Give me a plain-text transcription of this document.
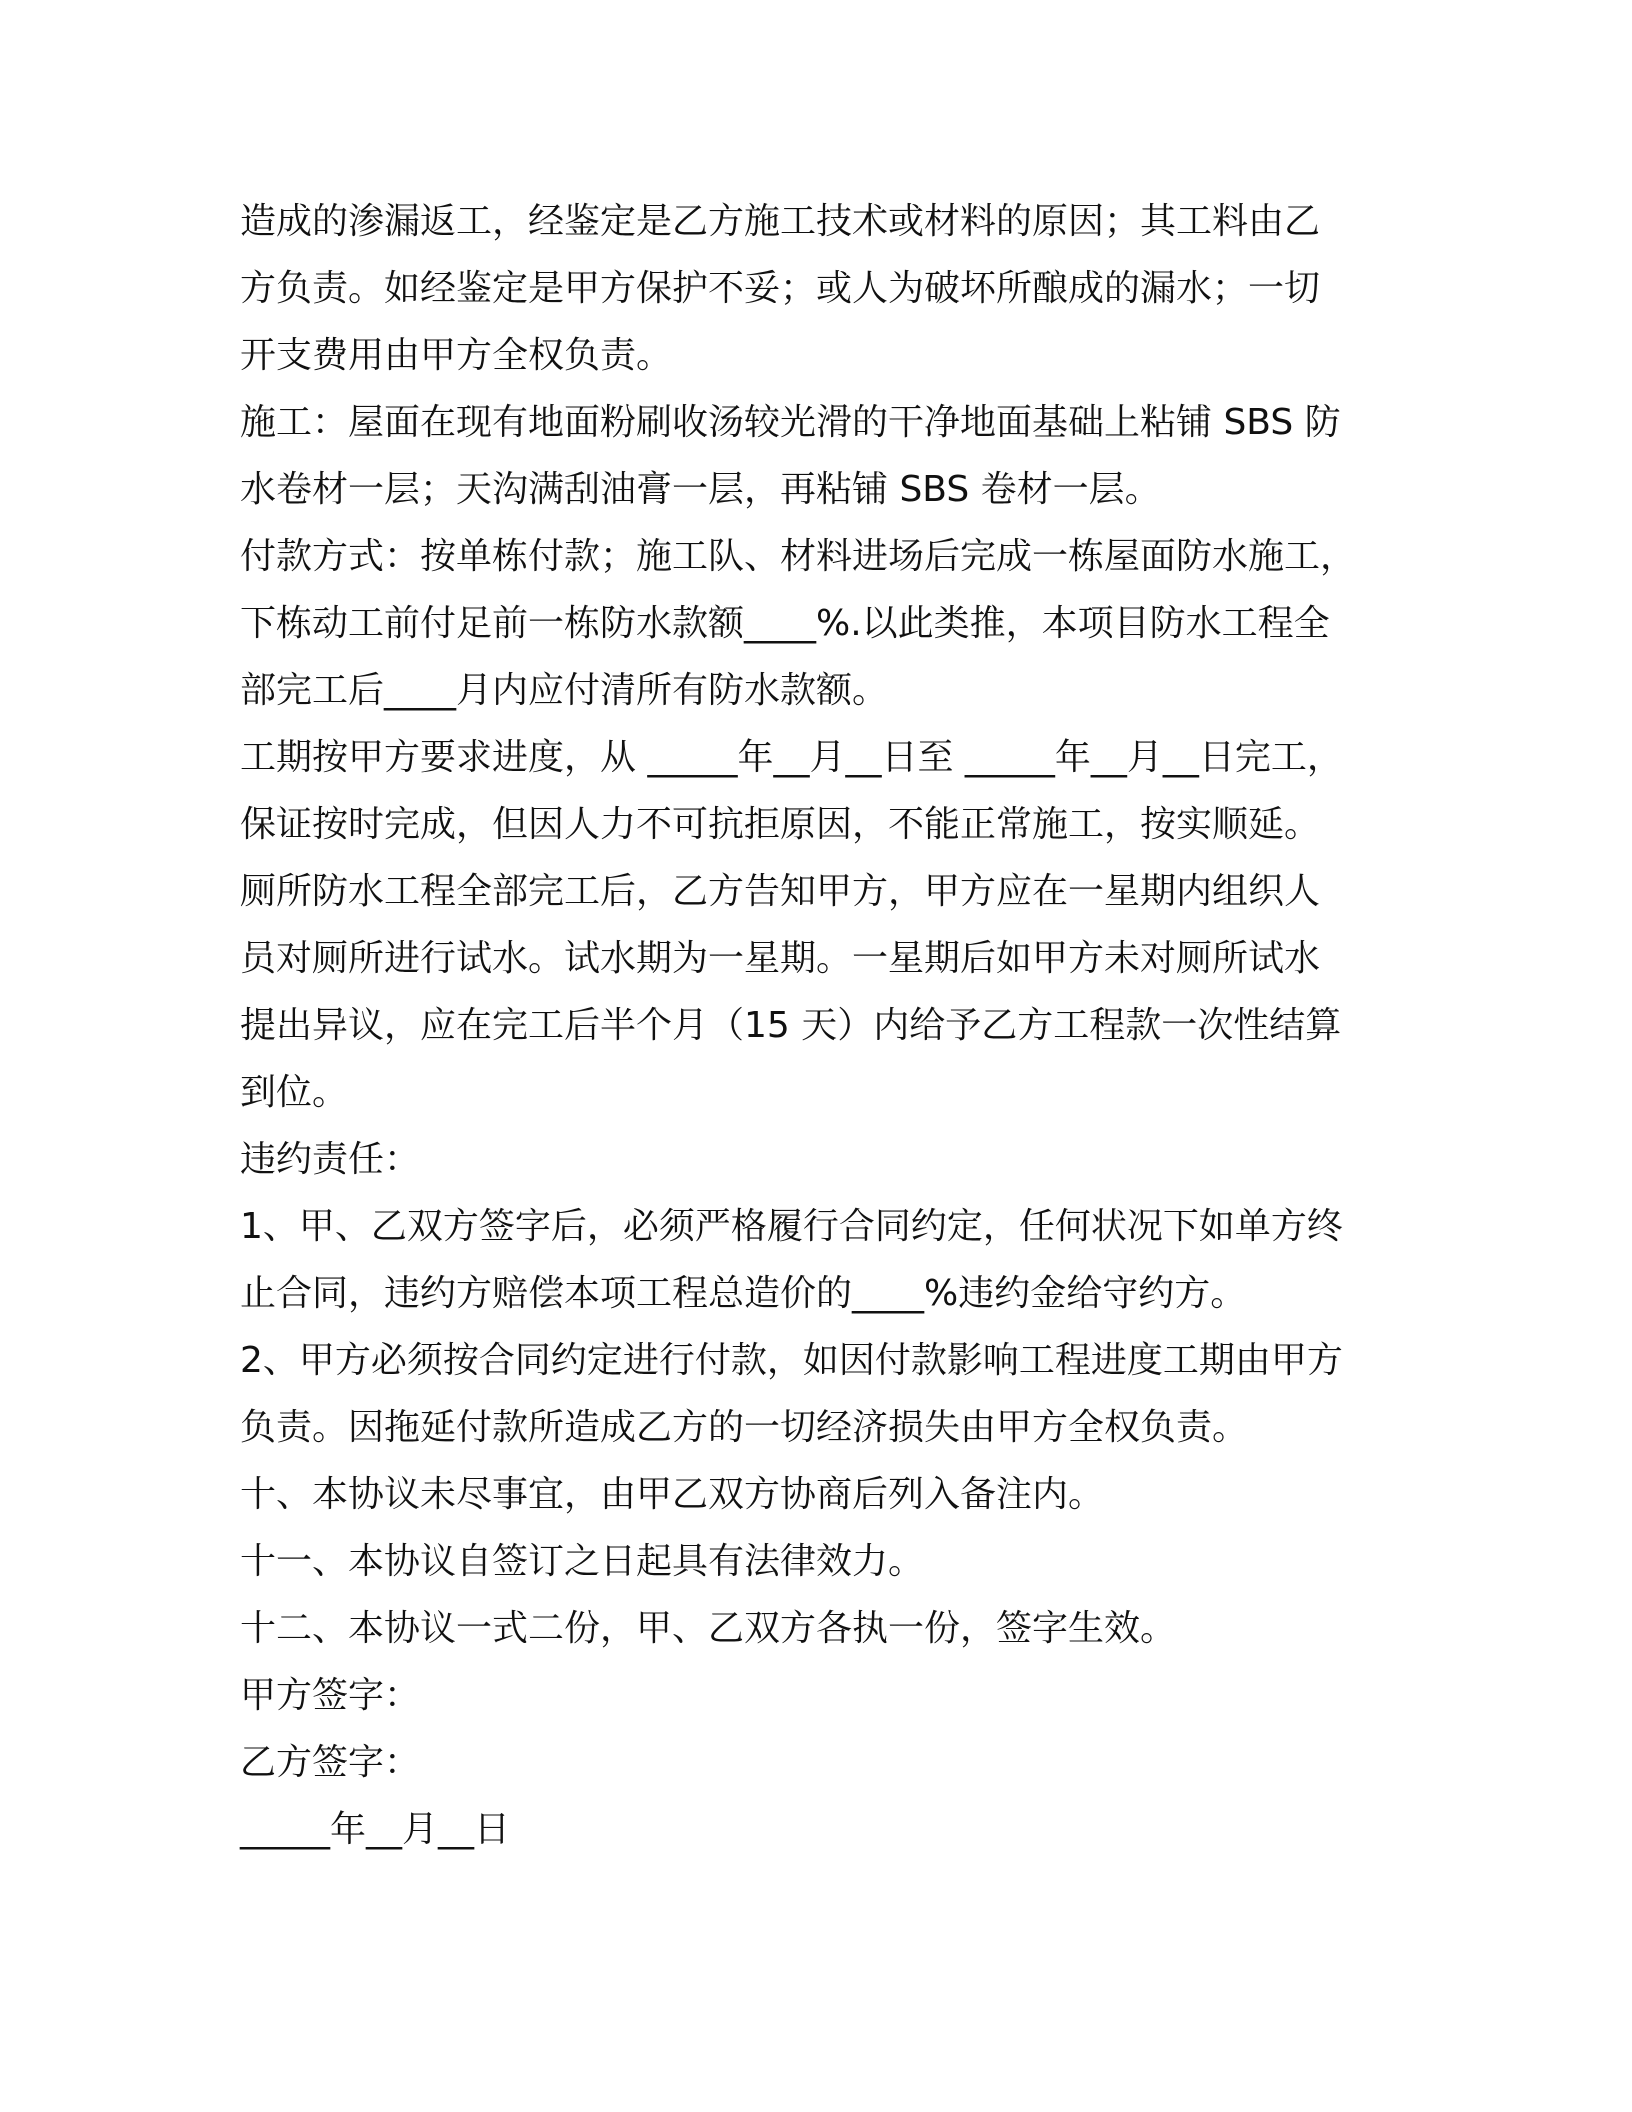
造成的渗漏返工，经鉴定是乙方施工技术或材料的原因；其工料由乙
方负责。如经鉴定是甲方保护不妥；或人为破坏所酿成的漏水；一切
开支费用由甲方全权负责。
施工：屋面在现有地面粉刷收汤较光滑的干净地面基础上粘铺 SBS 防
水卷材一层；天沟满刮油膏一层，再粘铺 SBS 卷材一层。
付款方式：按单栋付款；施工队、材料进场后完成一栋屋面防水施工，
下栋动工前付足前一栋防水款额____%.以此类推，本项目防水工程全
部完工后____月内应付清所有防水款额。
工期按甲方要求进度，从 _____年__月__日至 _____年__月__日完工，
保证按时完成，但因人力不可抗拒原因，不能正常施工，按实顺延。
厕所防水工程全部完工后，乙方告知甲方，甲方应在一星期内组织人
员对厕所进行试水。试水期为一星期。一星期后如甲方未对厕所试水
提出异议，应在完工后半个月（15 天）内给予乙方工程款一次性结算
到位。
违约责任：
1、甲、乙双方签字后，必须严格履行合同约定，任何状况下如单方终
止合同，违约方赔偿本项工程总造价的____%违约金给守约方。
2、甲方必须按合同约定进行付款，如因付款影响工程进度工期由甲方
负责。因拖延付款所造成乙方的一切经济损失由甲方全权负责。
十、本协议未尽事宜，由甲乙双方协商后列入备注内。
十一、本协议自签订之日起具有法律效力。
十二、本协议一式二份，甲、乙双方各执一份，签字生效。
甲方签字：
乙方签字：
_____年__月__日
